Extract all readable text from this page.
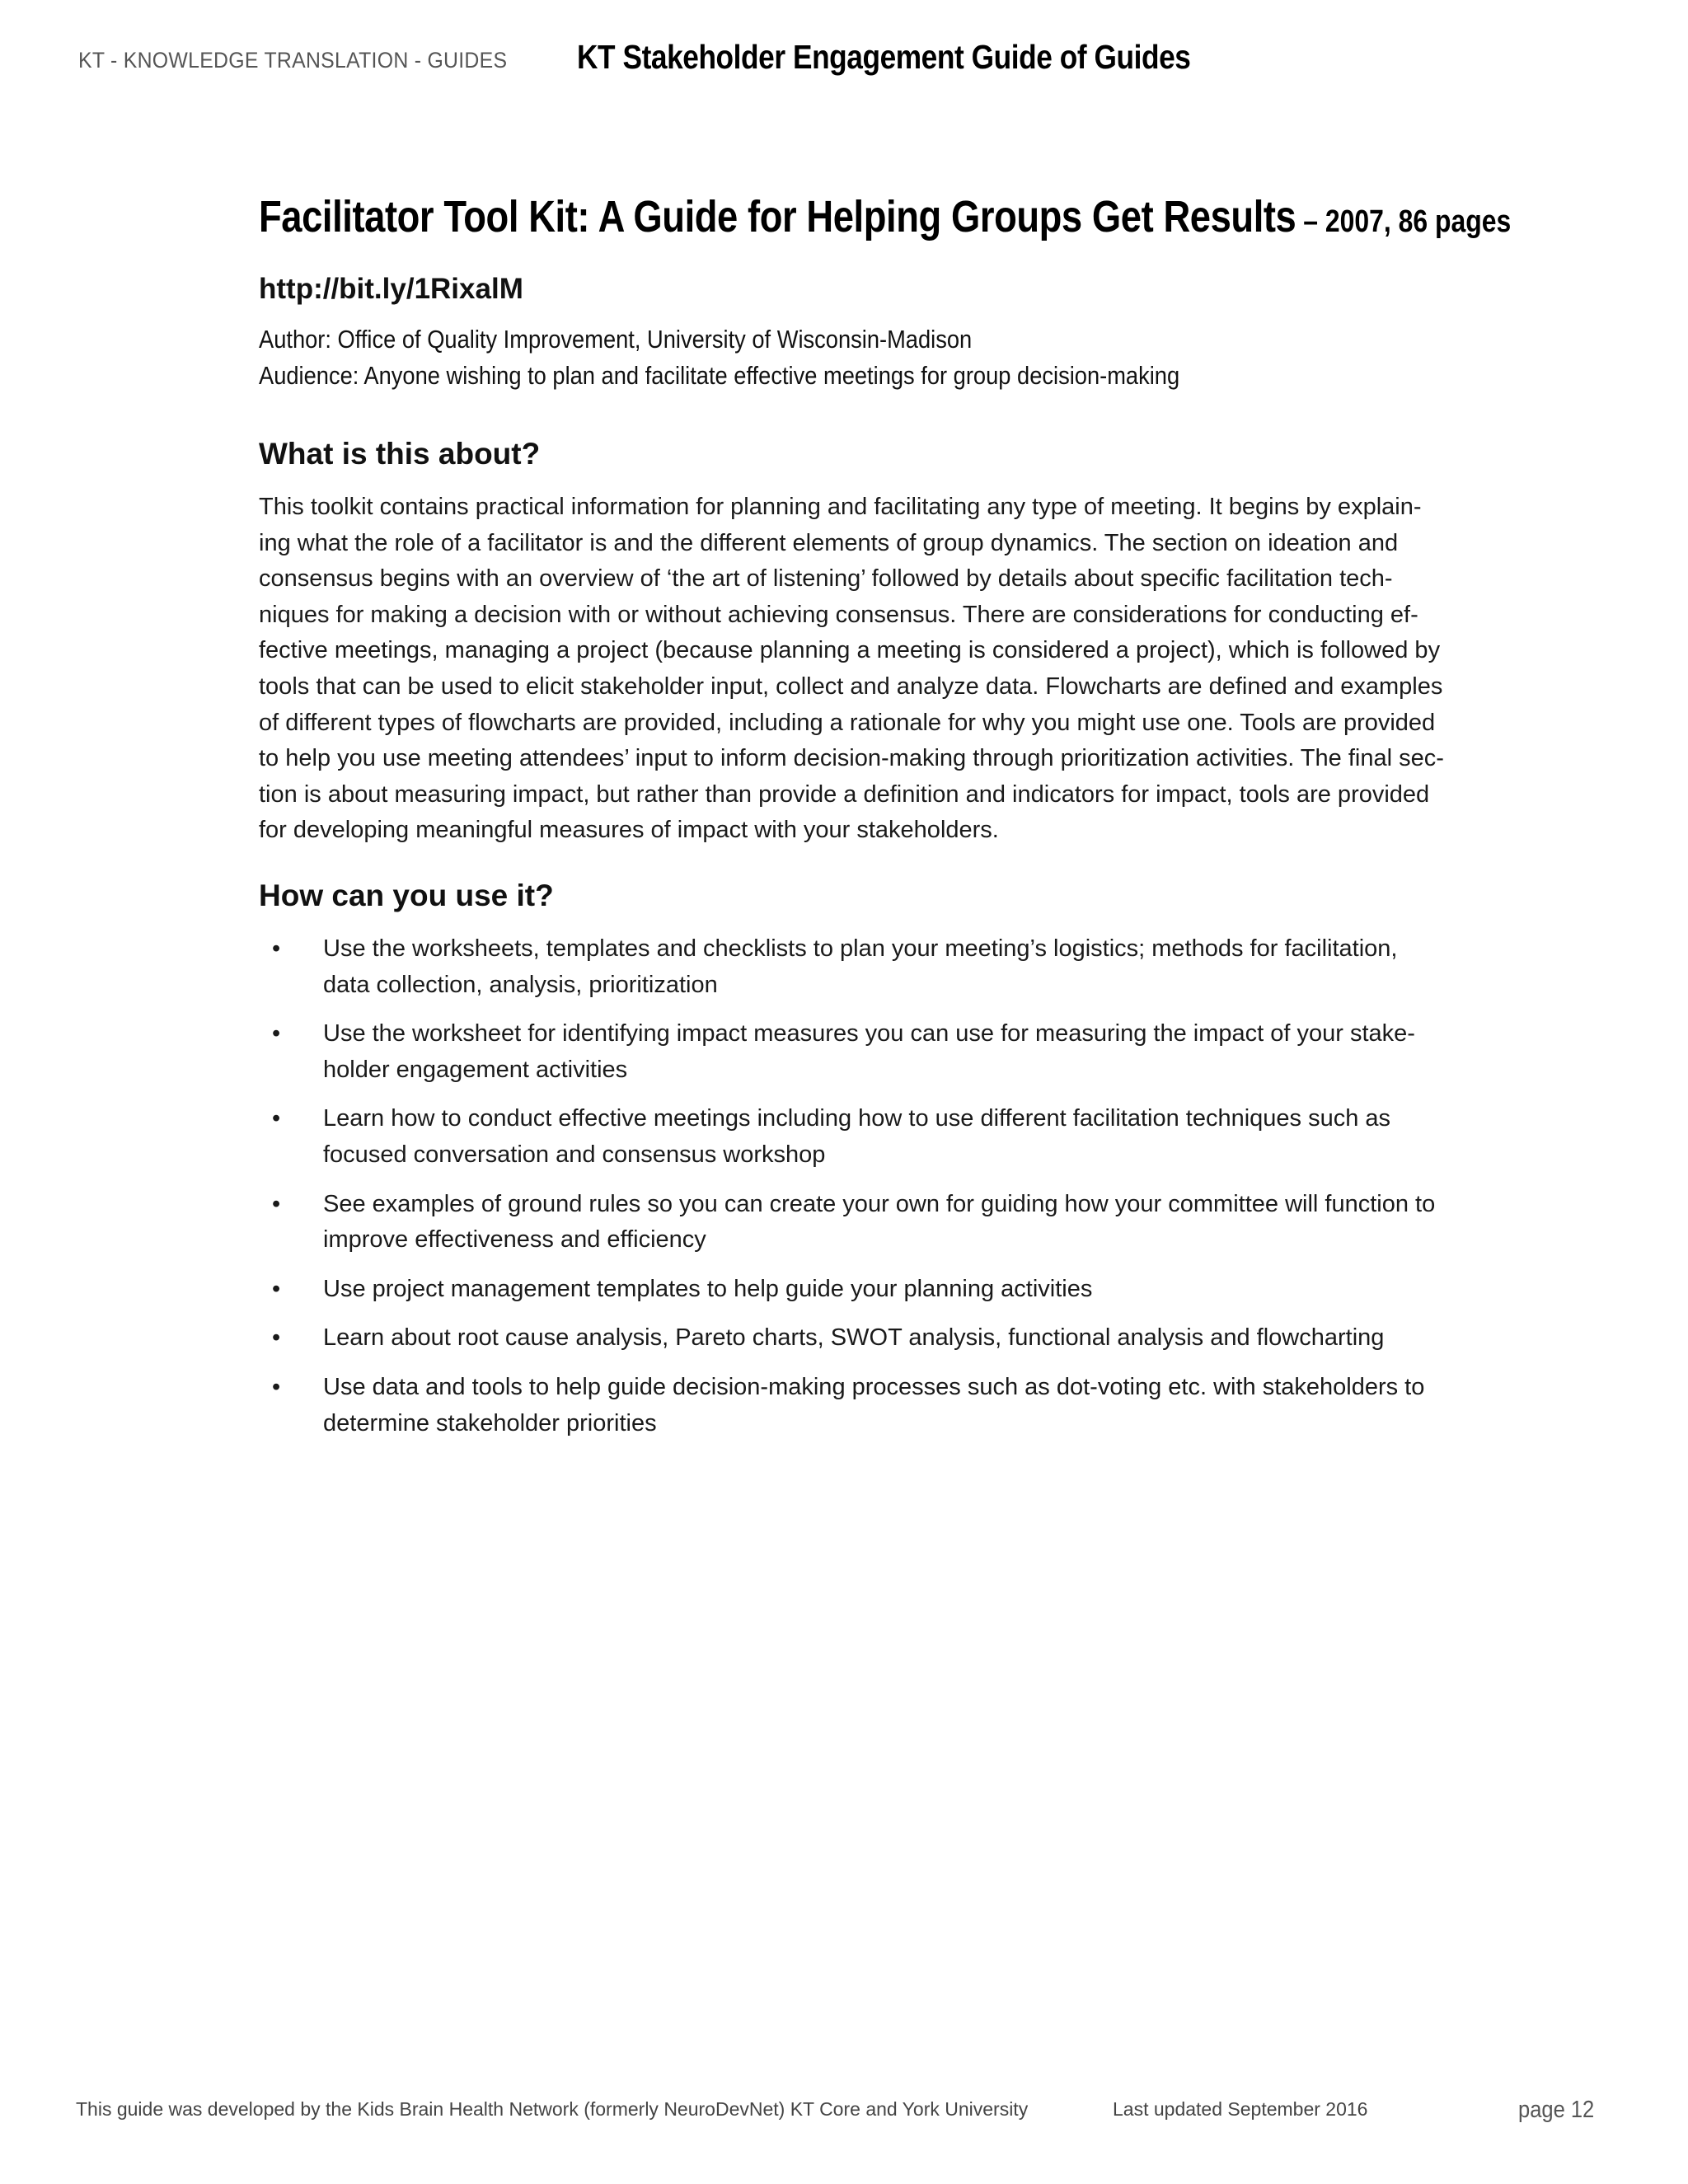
KT - KNOWLEDGE TRANSLATION - GUIDES KT Stakeholder Engagement Guide of Guides
Facilitator Tool Kit: A Guide for Helping Groups Get Results – 2007, 86 pages
http://bit.ly/1RixalM
Author: Office of Quality Improvement, University of Wisconsin-Madison
Audience: Anyone wishing to plan and facilitate effective meetings for group decision-making
What is this about?
This toolkit contains practical information for planning and facilitating any type of meeting. It begins by explain-
ing what the role of a facilitator is and the different elements of group dynamics. The section on ideation and
consensus begins with an overview of ‘the art of listening’ followed by details about specific facilitation tech-
niques for making a decision with or without achieving consensus. There are considerations for conducting ef-
fective meetings, managing a project (because planning a meeting is considered a project), which is followed by
tools that can be used to elicit stakeholder input, collect and analyze data. Flowcharts are defined and examples
of different types of flowcharts are provided, including a rationale for why you might use one. Tools are provided
to help you use meeting attendees’ input to inform decision-making through prioritization activities. The final sec-
tion is about measuring impact, but rather than provide a definition and indicators for impact, tools are provided
for developing meaningful measures of impact with your stakeholders.
How can you use it?
•	Use the worksheets, templates and checklists to plan your meeting’s logistics; methods for facilitation,
data collection, analysis, prioritization
•	Use the worksheet for identifying impact measures you can use for measuring the impact of your stake-
holder engagement activities
•	Learn how to conduct effective meetings including how to use different facilitation techniques such as
focused conversation and consensus workshop
•	See examples of ground rules so you can create your own for guiding how your committee will function to
improve effectiveness and efficiency
•	Use project management templates to help guide your planning activities
•	Learn about root cause analysis, Pareto charts, SWOT analysis, functional analysis and flowcharting
•	Use data and tools to help guide decision-making processes such as dot-voting etc. with stakeholders to
determine stakeholder priorities
This guide was developed by the Kids Brain Health Network (formerly NeuroDevNet) KT Core and York University	Last updated September 2016	page 12
